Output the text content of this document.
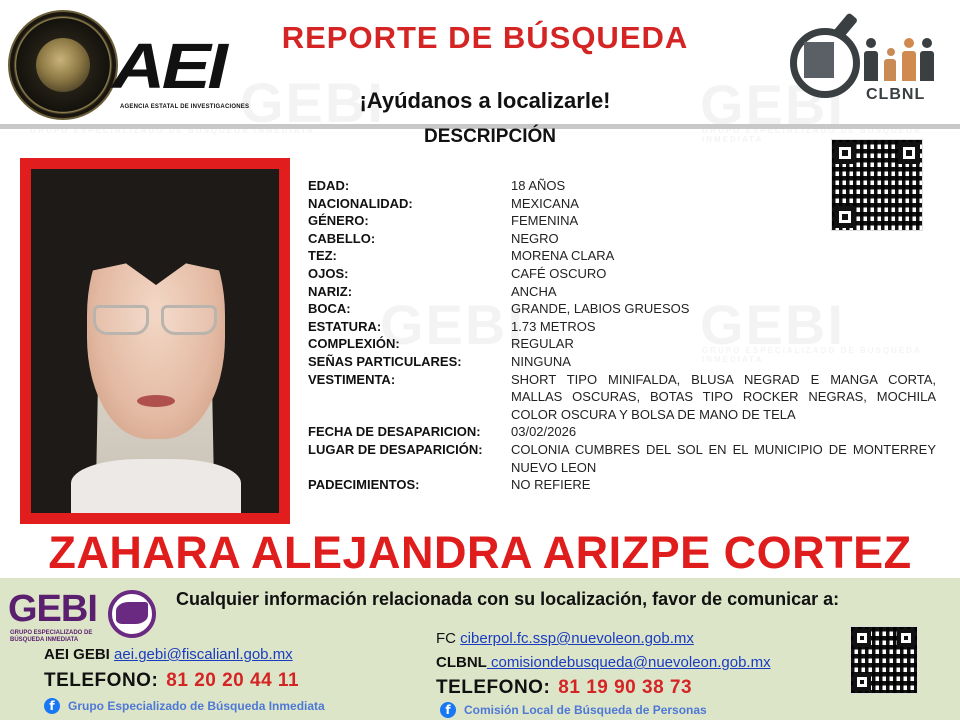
AEI
AGENCIA ESTATAL DE INVESTIGACIONES
REPORTE DE BÚSQUEDA
¡Ayúdanos a localizarle!	CLBNL
DESCRIPCIÓN
EDAD:	18 AÑOS
NACIONALIDAD:	MEXICANA
GÉNERO:	FEMENINA
CABELLO:	NEGRO
TEZ:	MORENA CLARA
OJOS:	CAFÉ OSCURO
NARIZ:	ANCHA
BOCA:	GRANDE, LABIOS GRUESOS
ESTATURA:	1.73 METROS
COMPLEXIÓN:	REGULAR
SEÑAS PARTICULARES:	NINGUNA
VESTIMENTA:	SHORT TIPO MINIFALDA, BLUSA NEGRAD E MANGA CORTA, MALLAS OSCURAS, BOTAS TIPO ROCKER NEGRAS, MOCHILA COLOR OSCURA Y BOLSA DE MANO DE TELA
FECHA DE DESAPARICION:	03/02/2026
LUGAR DE DESAPARICIÓN:	COLONIA CUMBRES DEL SOL EN EL MUNICIPIO DE MONTERREY NUEVO LEON
PADECIMIENTOS:	NO REFIERE
ZAHARA ALEJANDRA ARIZPE CORTEZ
GEBI
GRUPO ESPECIALIZADO DE BÚSQUEDA INMEDIATA
Cualquier información relacionada con su localización, favor de comunicar a:
AEI GEBI aei.gebi@fiscalianl.gob.mx
TELEFONO: 81 20 20 44 11
f	Grupo Especializado de Búsqueda Inmediata
FC ciberpol.fc.ssp@nuevoleon.gob.mx
CLBNL comisiondebusqueda@nuevoleon.gob.mx
TELEFONO: 81 19 90 38 73
f	Comisión Local de Búsqueda de Personas
